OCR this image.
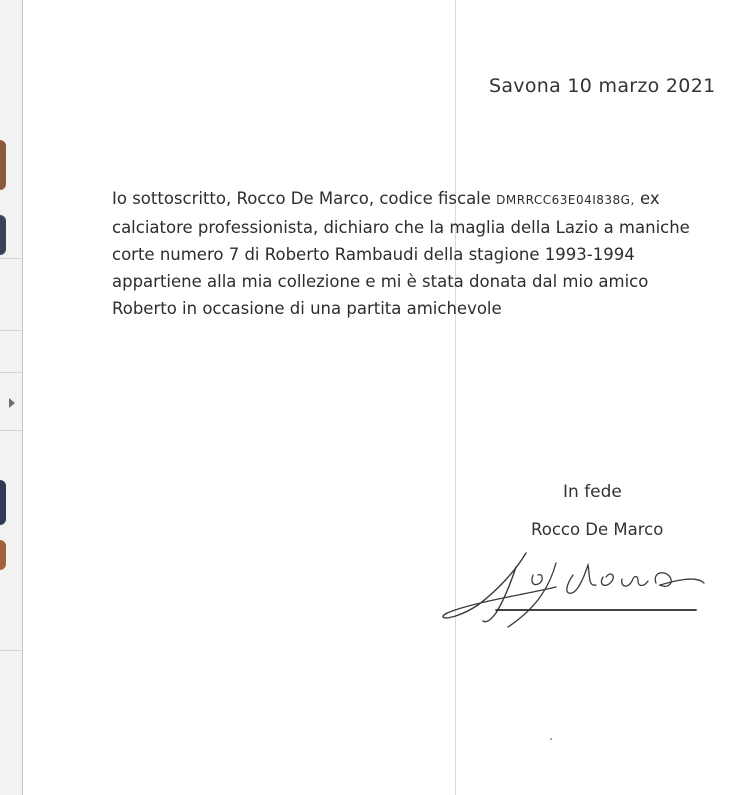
Savona 10 marzo 2021
Io sottoscritto, Rocco De Marco, codice fiscale DMRRCC63E04I838G, ex
calciatore professionista, dichiaro che la maglia della Lazio a maniche
corte numero 7 di Roberto Rambaudi della stagione 1993-1994
appartiene alla mia collezione e mi è stata donata dal mio amico
Roberto in occasione di una partita amichevole
In fede
Rocco De Marco
